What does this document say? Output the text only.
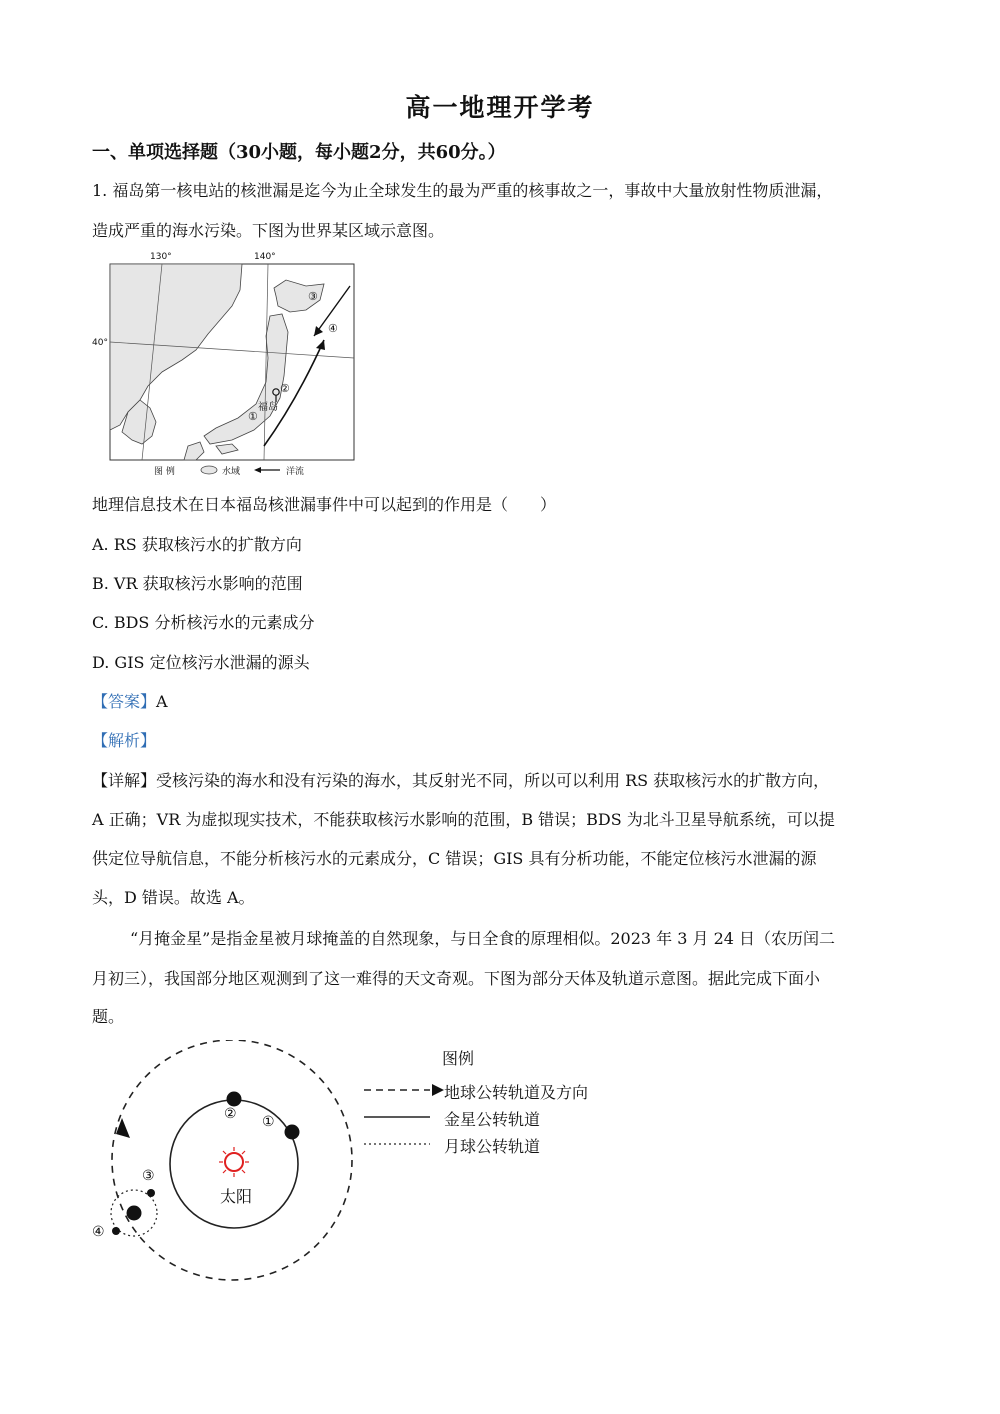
高一地理开学考
一、单项选择题（30小题，每小题2分，共60分。）
1. 福岛第一核电站的核泄漏是迄今为止全球发生的最为严重的核事故之一，事故中大量放射性物质泄漏，
造成严重的海水污染。下图为世界某区域示意图。
130°	140°
40°
①
②
③
④
福岛
图 例	水域	洋流
地理信息技术在日本福岛核泄漏事件中可以起到的作用是（　　）
A. RS 获取核污水的扩散方向
B. VR 获取核污水影响的范围
C. BDS 分析核污水的元素成分
D. GIS 定位核污水泄漏的源头
【答案】A
【解析】
【详解】受核污染的海水和没有污染的海水，其反射光不同，所以可以利用 RS 获取核污水的扩散方向，
A 正确；VR 为虚拟现实技术，不能获取核污水影响的范围，B 错误；BDS 为北斗卫星导航系统，可以提
供定位导航信息，不能分析核污水的元素成分，C 错误；GIS 具有分析功能，不能定位核污水泄漏的源
头，D 错误。故选 A。
“月掩金星”是指金星被月球掩盖的自然现象，与日全食的原理相似。2023 年 3 月 24 日（农历闰二
月初三），我国部分地区观测到了这一难得的天文奇观。下图为部分天体及轨道示意图。据此完成下面小
题。
太阳
①
②
③
④
图例
地球公转轨道及方向
金星公转轨道
月球公转轨道
